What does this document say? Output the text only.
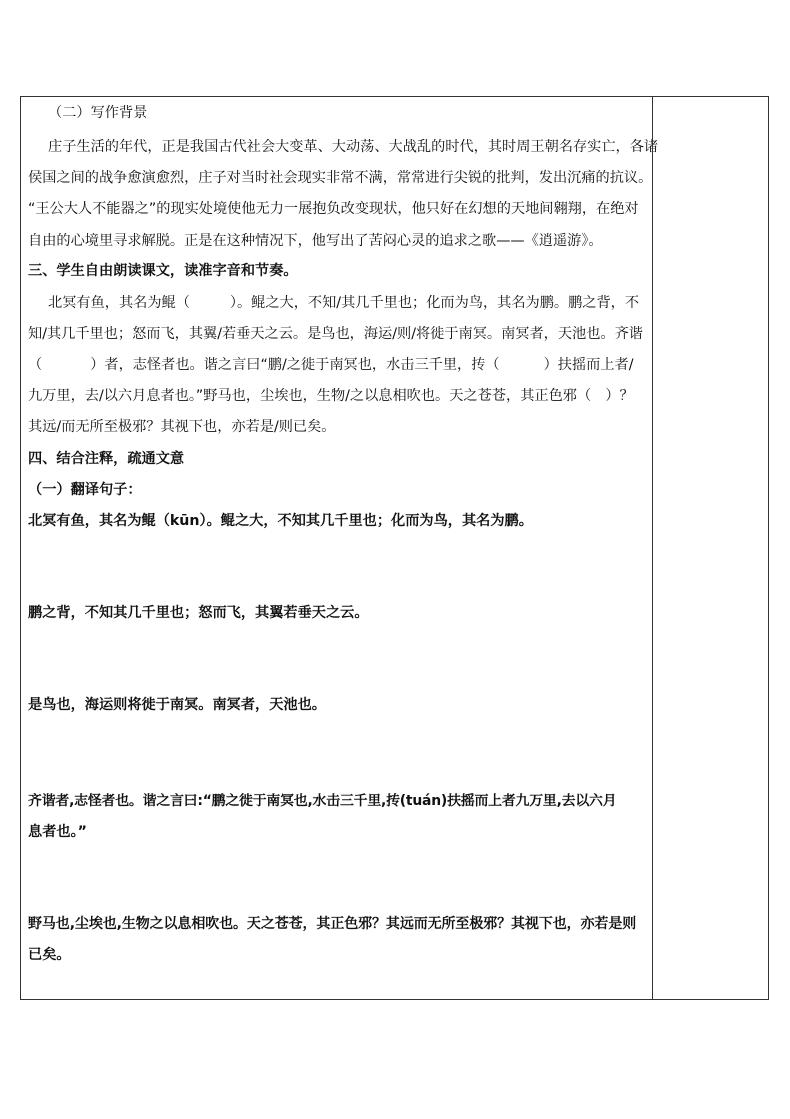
（二）写作背景
庄子生活的年代，正是我国古代社会大变革、大动荡、大战乱的时代，其时周王朝名存实亡，各诸
侯国之间的战争愈演愈烈，庄子对当时社会现实非常不满，常常进行尖锐的批判，发出沉痛的抗议。
“王公大人不能器之”的现实处境使他无力一展抱负改变现状，他只好在幻想的天地间翱翔，在绝对
自由的心境里寻求解脱。正是在这种情况下，他写出了苦闷心灵的追求之歌——《逍遥游》。
三、学生自由朗读课文，读准字音和节奏。
北冥有鱼，其名为鲲（	）。鲲之大，不知/其几千里也；化而为鸟，其名为鹏。鹏之背，不
知/其几千里也；怒而飞，其翼/若垂天之云。是鸟也，海运/则/将徙于南冥。南冥者，天池也。齐谐
（	）者，志怪者也。谐之言曰“鹏/之徙于南冥也，水击三千里，抟（	）扶摇而上者/
九万里，去/以六月息者也。”野马也，尘埃也，生物/之以息相吹也。天之苍苍，其正色邪（　）？
其远/而无所至极邪？其视下也，亦若是/则已矣。
四、结合注释，疏通文意
（一）翻译句子：
北冥有鱼，其名为鲲（kūn）。鲲之大，不知其几千里也；化而为鸟，其名为鹏。
鹏之背，不知其几千里也；怒而飞，其翼若垂天之云。
是鸟也，海运则将徙于南冥。南冥者，天池也。
齐谐者,志怪者也。谐之言曰:“鹏之徙于南冥也,水击三千里,抟(tuán)扶摇而上者九万里,去以六月
息者也。”
野马也,尘埃也,生物之以息相吹也。天之苍苍，其正色邪？其远而无所至极邪？其视下也，亦若是则
已矣。
